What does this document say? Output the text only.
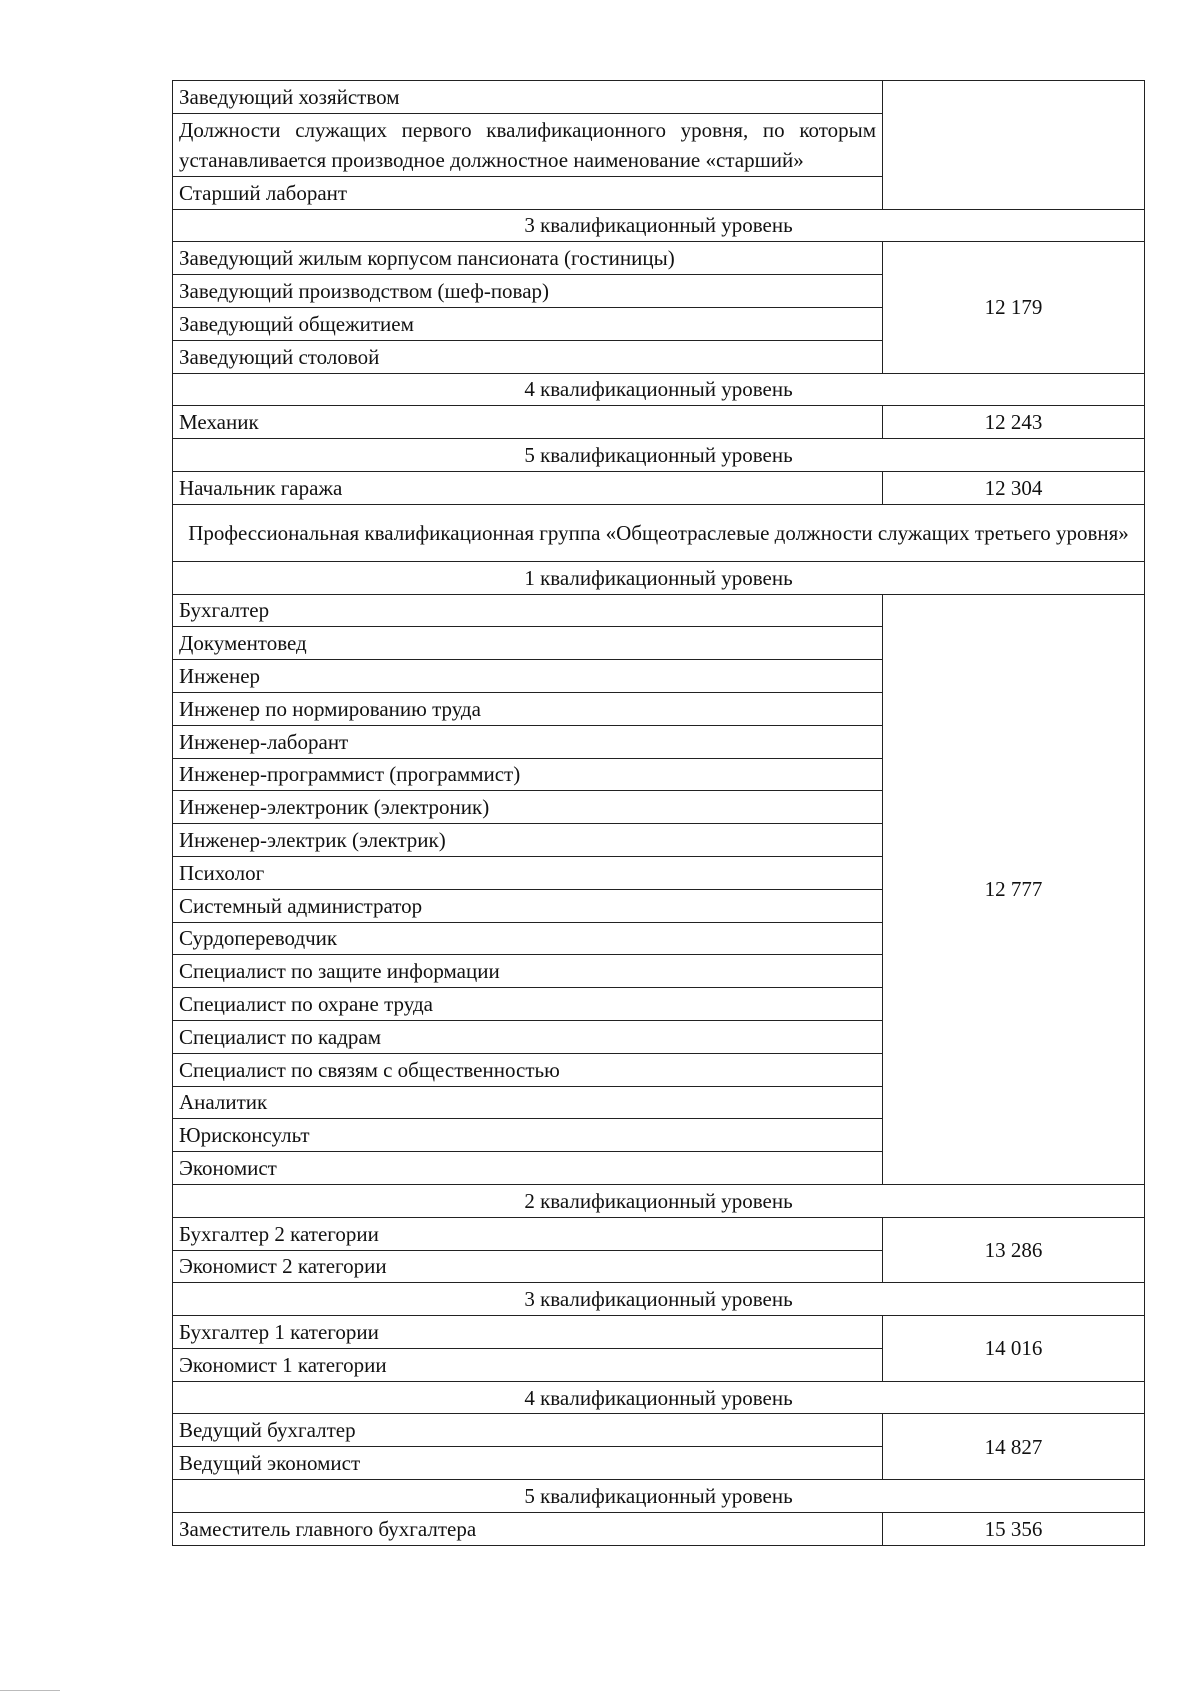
Заведующий хозяйством	
Должности служащих первого квалификационного уровня, по которым устанавливается производное должностное наименование «старший»	
Старший лаборант	
3 квалификационный уровень	
Заведующий жилым корпусом пансионата (гостиницы)	12 179
Заведующий производством (шеф-повар)	
Заведующий общежитием	
Заведующий столовой	
4 квалификационный уровень	
Механик	12 243
5 квалификационный уровень	
Начальник гаража	12 304
Профессиональная квалификационная группа «Общеотраслевые должности служащих третьего уровня»	
1 квалификационный уровень	
Бухгалтер	12 777
Документовед	
Инженер	
Инженер по нормированию труда	
Инженер-лаборант	
Инженер-программист (программист)	
Инженер-электроник (электроник)	
Инженер-электрик (электрик)	
Психолог	
Системный администратор	
Сурдопереводчик	
Специалист по защите информации	
Специалист по охране труда	
Специалист по кадрам	
Специалист по связям с общественностью	
Аналитик	
Юрисконсульт	
Экономист	
2 квалификационный уровень	
Бухгалтер 2 категории	13 286
Экономист 2 категории	
3 квалификационный уровень	
Бухгалтер 1 категории	14 016
Экономист 1 категории	
4 квалификационный уровень	
Ведущий бухгалтер	14 827
Ведущий экономист	
5 квалификационный уровень	
Заместитель главного бухгалтера	15 356
